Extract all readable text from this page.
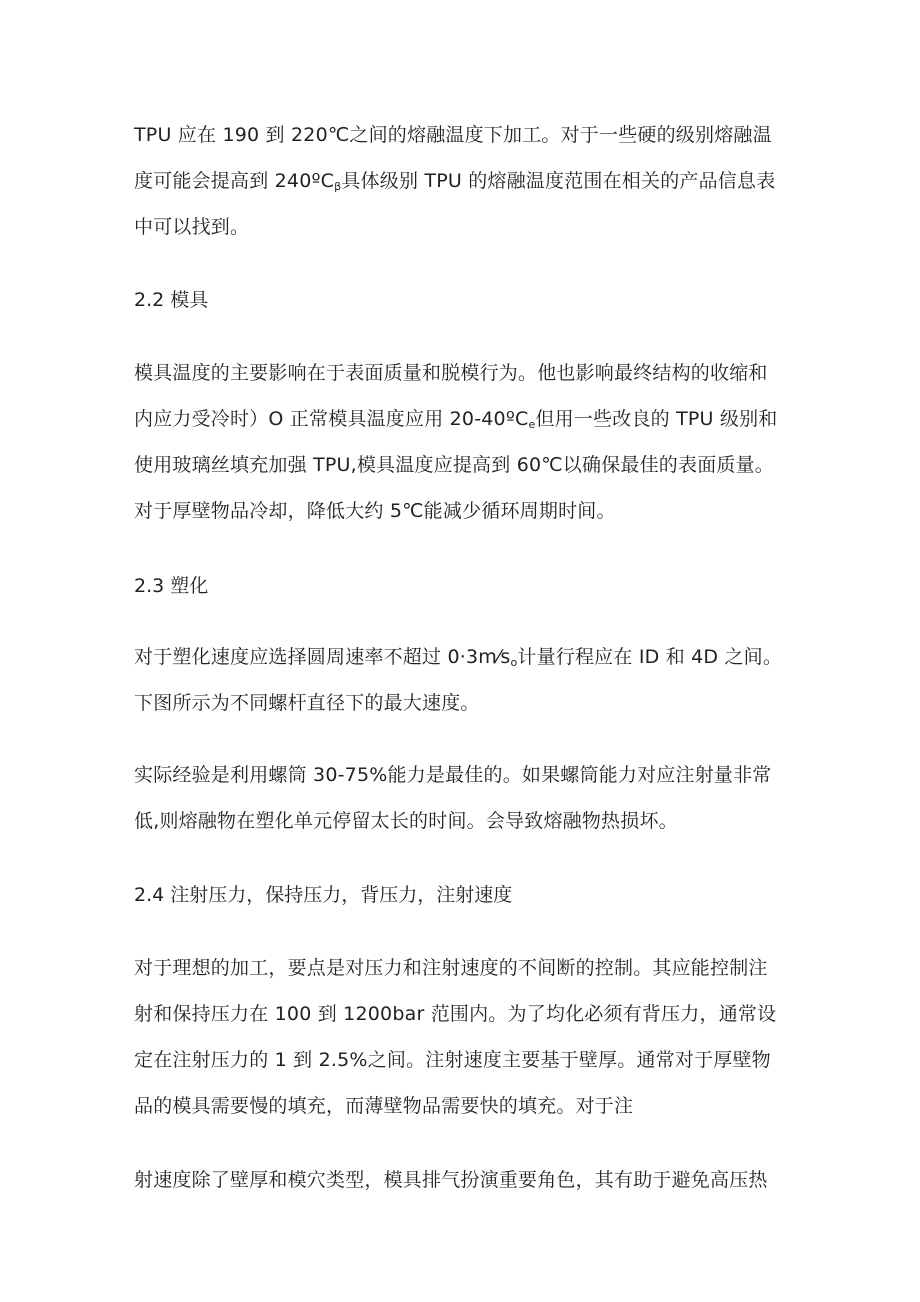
TPU 应在 190 到 220℃之间的熔融温度下加工。对于一些硬的级别熔融温
度可能会提高到 240ºC$_\beta$具体级别 TPU 的熔融温度范围在相关的产品信息表
中可以找到。

2.2 模具

模具温度的主要影响在于表面质量和脱模行为。他也影响最终结构的收缩和
内应力受冷时）O 正常模具温度应用 20-40ºC$_e$但用一些改良的 TPU 级别和
使用玻璃丝填充加强 TPU,模具温度应提高到 60℃以确保最佳的表面质量。
对于厚壁物品冷却，降低大约 5℃能减少循环周期时间。

2.3 塑化

对于塑化速度应选择圆周速率不超过 $0\cdot 3m⁄s_o$计量行程应在 ID 和 4D 之间。
下图所示为不同螺杆直径下的最大速度。

实际经验是利用螺筒 30-75%能力是最佳的。如果螺筒能力对应注射量非常
低,则熔融物在塑化单元停留太长的时间。会导致熔融物热损坏。

2.4 注射压力，保持压力，背压力，注射速度

对于理想的加工，要点是对压力和注射速度的不间断的控制。其应能控制注
射和保持压力在 100 到 1200bar 范围内。为了均化必须有背压力，通常设
定在注射压力的 1 到 2.5%之间。注射速度主要基于壁厚。通常对于厚壁物
品的模具需要慢的填充，而薄壁物品需要快的填充。对于注

射速度除了壁厚和模穴类型，模具排气扮演重要角色，其有助于避免高压热
